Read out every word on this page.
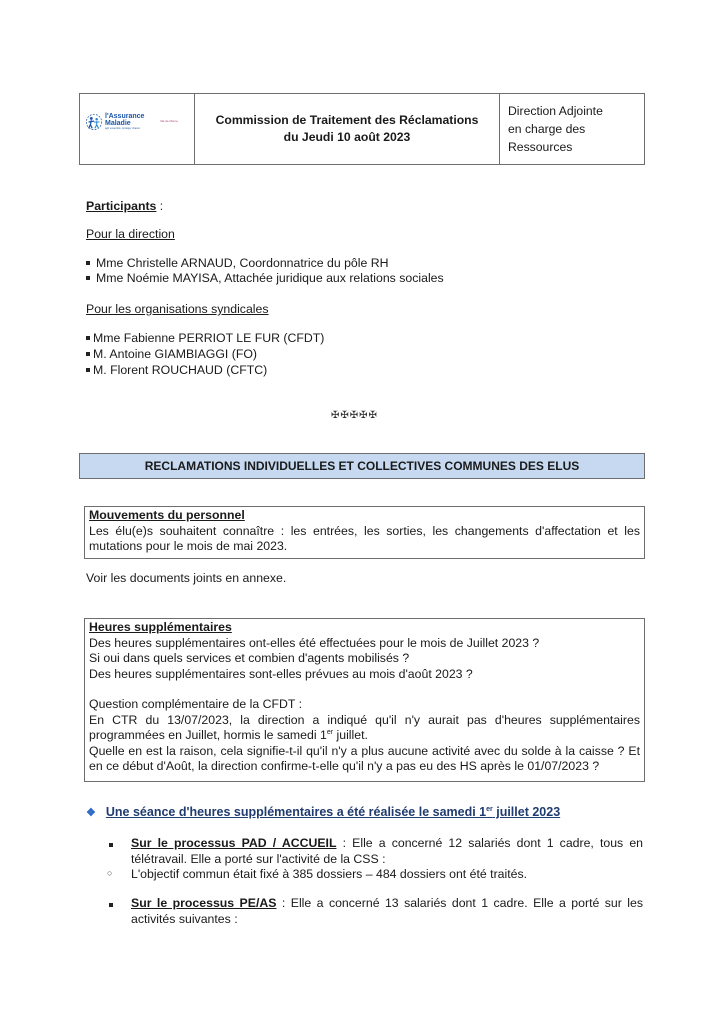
l'Assurance
Maladie
agir ensemble, protéger chacun
Val-de-Marne	Commission de Traitement des Réclamations
du Jeudi 10 août 2023
Direction Adjointe
en charge des Ressources
Participants :
Pour la direction
Mme Christelle ARNAUD, Coordonnatrice du pôle RH
Mme Noémie MAYISA, Attachée juridique aux relations sociales
Pour les organisations syndicales
Mme Fabienne PERRIOT LE FUR (CFDT)
M. Antoine GIAMBIAGGI (FO)
M. Florent ROUCHAUD (CFTC)
✠✠✠✠✠
RECLAMATIONS INDIVIDUELLES ET COLLECTIVES COMMUNES DES ELUS

Mouvements du personnel

Les élu(e)s souhaitent connaître : les entrées, les sorties, les changements d'affectation et les mutations pour le mois de mai 2023.

Voir les documents joints en annexe.

Heures supplémentaires

Des heures supplémentaires ont-elles été effectuées pour le mois de Juillet 2023 ?

Si oui dans quels services et combien d'agents mobilisés ?

Des heures supplémentaires sont-elles prévues au mois d'août 2023 ?

Question complémentaire de la CFDT :

En CTR du 13/07/2023, la direction a indiqué qu'il n'y aurait pas d'heures supplémentaires programmées en Juillet, hormis le samedi 1er juillet.

Quelle en est la raison, cela signifie-t-il qu'il n'y a plus aucune activité avec du solde à la caisse ? Et en ce début d'Août, la direction confirme-t-elle qu'il n'y a pas eu des HS après le 01/07/2023 ?

❖ Une séance d'heures supplémentaires a été réalisée le samedi 1er juillet 2023
Sur le processus PAD / ACCUEIL : Elle a concerné 12 salariés dont 1 cadre, tous en télétravail. Elle a porté sur l'activité de la CSS :
○ L'objectif commun était fixé à 385 dossiers – 484 dossiers ont été traités.
Sur le processus PE/AS : Elle a concerné 13 salariés dont 1 cadre. Elle a porté sur les activités suivantes :
